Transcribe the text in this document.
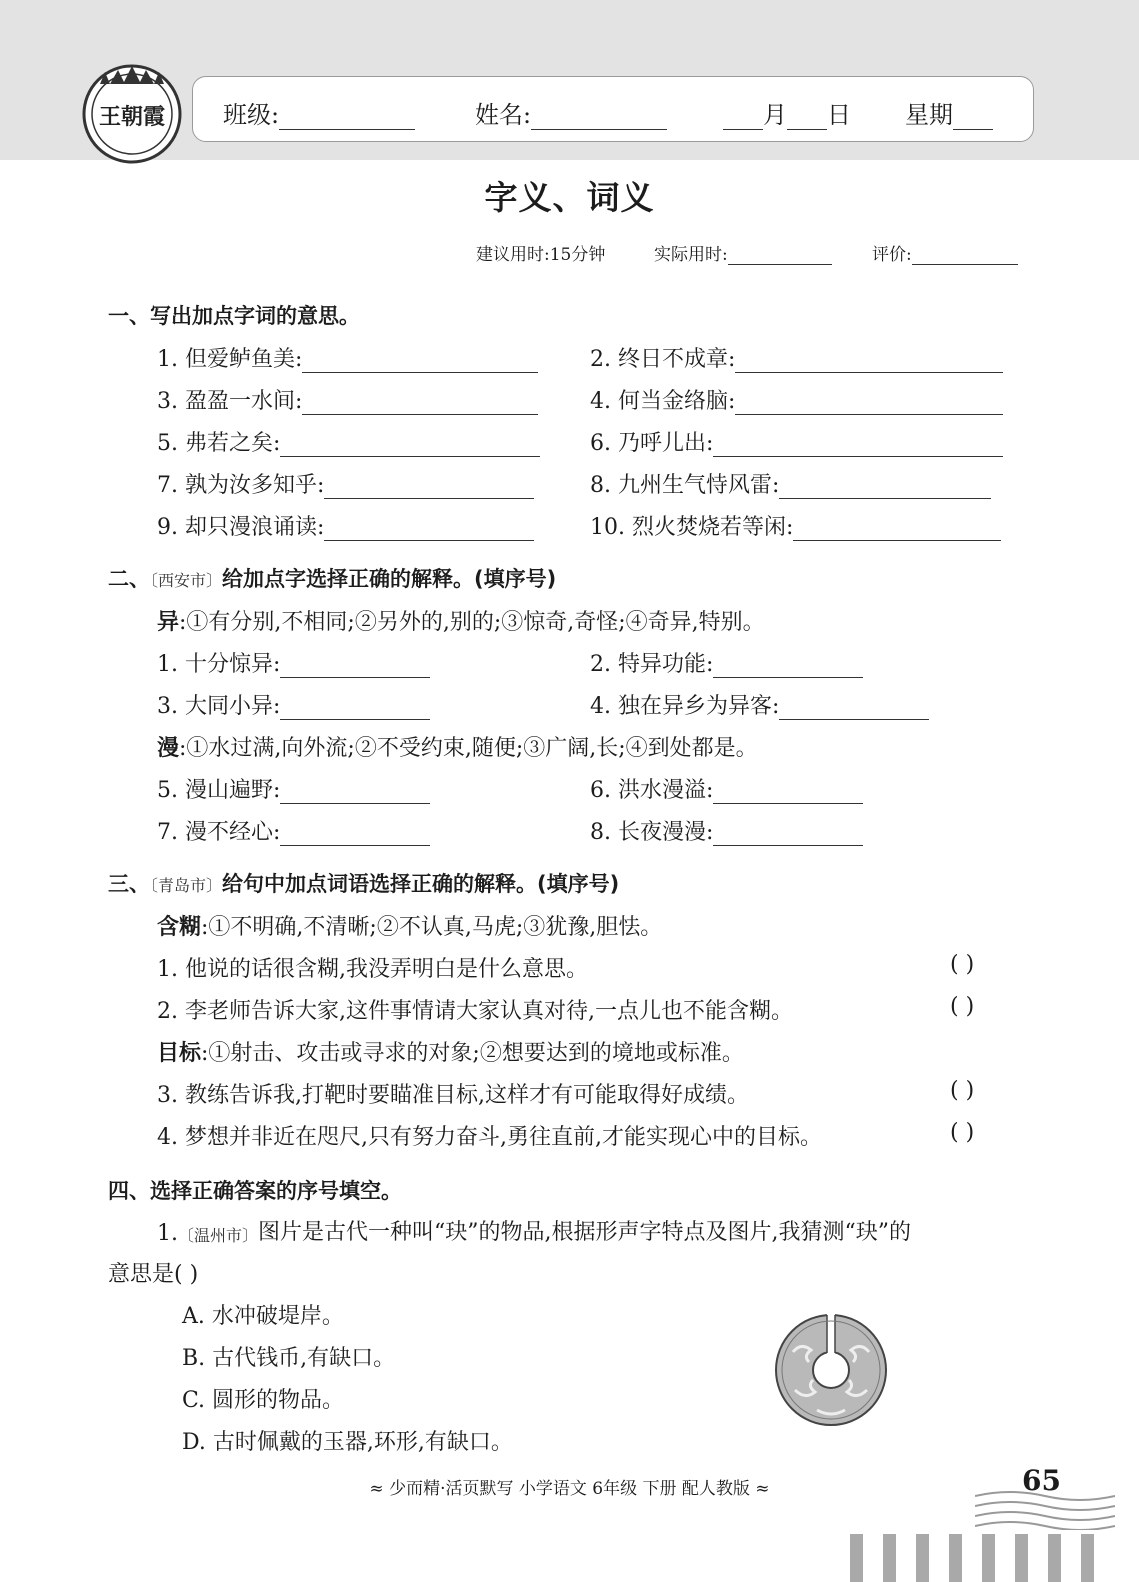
王朝霞 班级:	姓名:	月 日 星期
字义、词义
建议用时:15分钟	实际用时:	评价:
一、写出加点字词的意思。
1. 但爱鲈鱼美:	2. 终日不成章:
3. 盈盈一水间:	4. 何当金络脑:
5. 弗若之矣:	6. 乃呼儿出:
7. 孰为汝多知乎:	8. 九州生气恃风雷:
9. 却只漫浪诵读:	10. 烈火焚烧若等闲:
二、〔西安市〕给加点字选择正确的解释。(填序号)
异:①有分别,不相同;②另外的,别的;③惊奇,奇怪;④奇异,特别。
1. 十分惊异:	2. 特异功能:
3. 大同小异:	4. 独在异乡为异客:
漫:①水过满,向外流;②不受约束,随便;③广阔,长;④到处都是。
5. 漫山遍野:	6. 洪水漫溢:
7. 漫不经心:	8. 长夜漫漫:
三、〔青岛市〕给句中加点词语选择正确的解释。(填序号)
含糊:①不明确,不清晰;②不认真,马虎;③犹豫,胆怯。
1. 他说的话很含糊,我没弄明白是什么意思。	( )
2. 李老师告诉大家,这件事情请大家认真对待,一点儿也不能含糊。	( )
目标:①射击、攻击或寻求的对象;②想要达到的境地或标准。
3. 教练告诉我,打靶时要瞄准目标,这样才有可能取得好成绩。	( )
4. 梦想并非近在咫尺,只有努力奋斗,勇往直前,才能实现心中的目标。	( )
四、选择正确答案的序号填空。
1. 〔温州市〕 图片是古代一种叫“玦”的物品,根据形声字特点及图片,我猜测“玦”的
意思是( )
A. 水冲破堤岸。
B. 古代钱币,有缺口。
C. 圆形的物品。
D. 古时佩戴的玉器,环形,有缺口。
≈ 少而精·活页默写 小学语文 6年级 下册 配人教版 ≈	65
